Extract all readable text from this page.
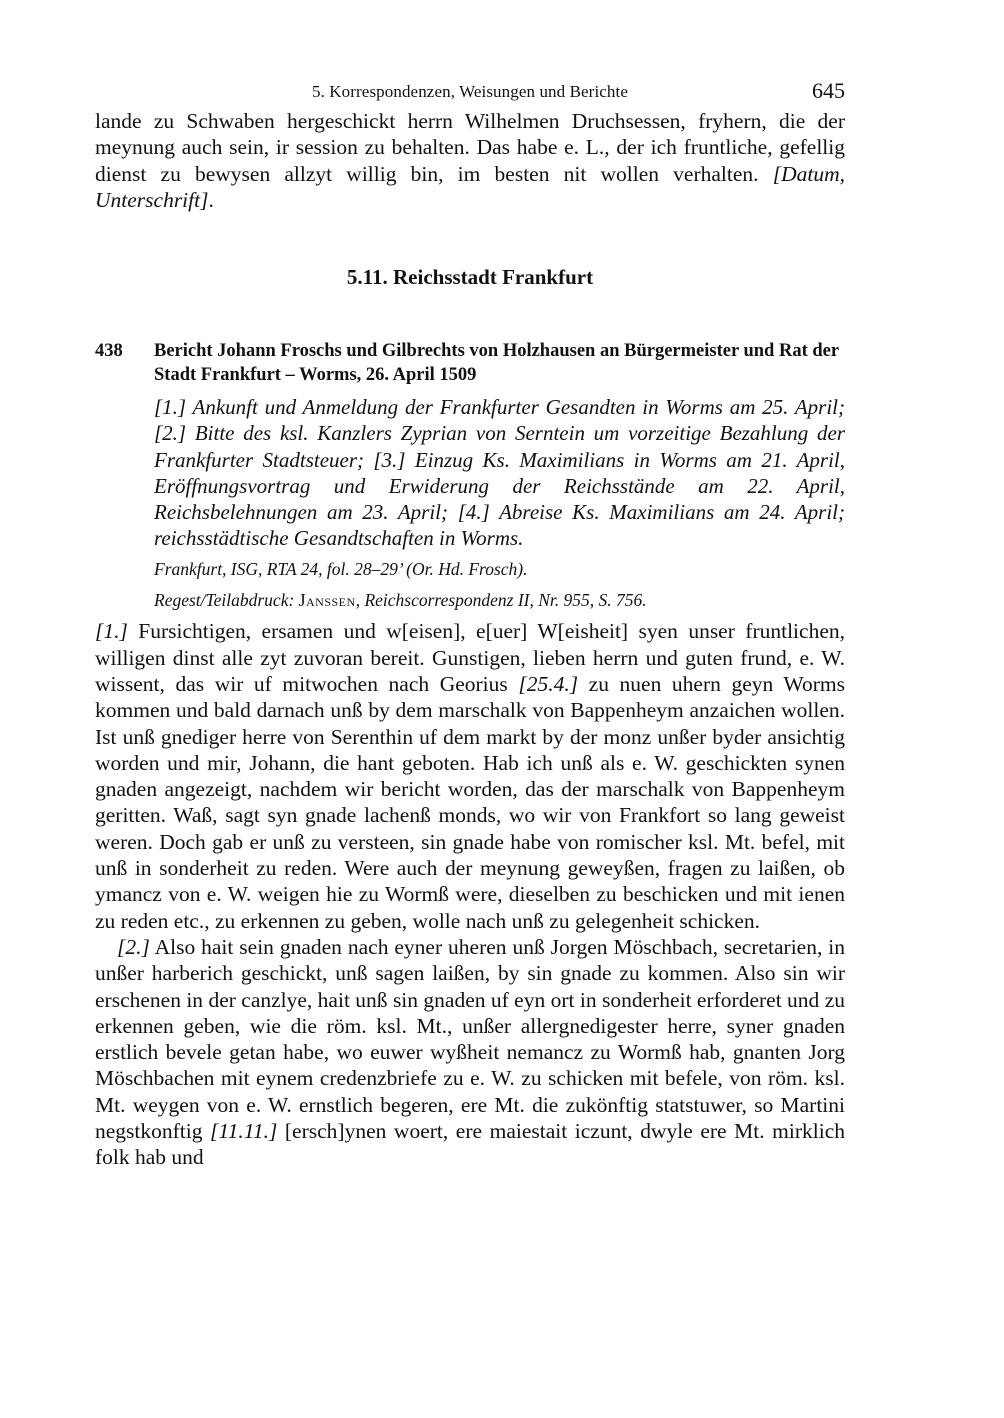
5. Korrespondenzen, Weisungen und Berichte	645
lande zu Schwaben hergeschickt herrn Wilhelmen Druchsessen, fryhern, die der meynung auch sein, ir session zu behalten. Das habe e. L., der ich fruntliche, gefellig dienst zu bewysen allzyt willig bin, im besten nit wollen verhalten. [Datum, Unterschrift].
5.11. Reichsstadt Frankfurt
438	Bericht Johann Froschs und Gilbrechts von Holzhausen an Bürgermeister und Rat der Stadt Frankfurt – Worms, 26. April 1509
[1.] Ankunft und Anmeldung der Frankfurter Gesandten in Worms am 25. April; [2.] Bitte des ksl. Kanzlers Zyprian von Serntein um vorzeitige Bezahlung der Frankfurter Stadtsteuer; [3.] Einzug Ks. Maximilians in Worms am 21. April, Eröffnungsvortrag und Erwiderung der Reichsstände am 22. April, Reichsbelehnungen am 23. April; [4.] Abreise Ks. Maximilians am 24. April; reichsstädtische Gesandtschaften in Worms.
Frankfurt, ISG, RTA 24, fol. 28–29’ (Or. Hd. Frosch).
Regest/Teilabdruck: Janssen, Reichscorrespondenz II, Nr. 955, S. 756.

[1.] Fursichtigen, ersamen und w[eisen], e[uer] W[eisheit] syen unser fruntlichen, willigen dinst alle zyt zuvoran bereit. Gunstigen, lieben herrn und guten frund, e. W. wissent, das wir uf mitwochen nach Georius [25.4.] zu nuen uhern geyn Worms kommen und bald darnach unß by dem marschalk von Bappenheym anzaichen wollen. Ist unß gnediger herre von Serenthin uf dem markt by der monz unßer byder ansichtig worden und mir, Johann, die hant geboten. Hab ich unß als e. W. geschickten synen gnaden angezeigt, nachdem wir bericht worden, das der marschalk von Bappenheym geritten. Waß, sagt syn gnade lachenß monds, wo wir von Frankfort so lang geweist weren. Doch gab er unß zu versteen, sin gnade habe von romischer ksl. Mt. befel, mit unß in sonderheit zu reden. Were auch der meynung geweyßen, fragen zu laißen, ob ymancz von e. W. weigen hie zu Wormß were, dieselben zu beschicken und mit ienen zu reden etc., zu erkennen zu geben, wolle nach unß zu gelegenheit schicken.

[2.] Also hait sein gnaden nach eyner uheren unß Jorgen Möschbach, secretarien, in unßer harberich geschickt, unß sagen laißen, by sin gnade zu kommen. Also sin wir erschenen in der canzlye, hait unß sin gnaden uf eyn ort in sonderheit erforderet und zu erkennen geben, wie die röm. ksl. Mt., unßer allergnedigester herre, syner gnaden erstlich bevele getan habe, wo euwer wyßheit nemancz zu Wormß hab, gnanten Jorg Möschbachen mit eynem credenzbriefe zu e. W. zu schicken mit befele, von röm. ksl. Mt. weygen von e. W. ernstlich begeren, ere Mt. die zukönftig statstuwer, so Martini negstkonftig [11.11.] [ersch]ynen woert, ere maiestait iczunt, dwyle ere Mt. mirklich folk hab und
